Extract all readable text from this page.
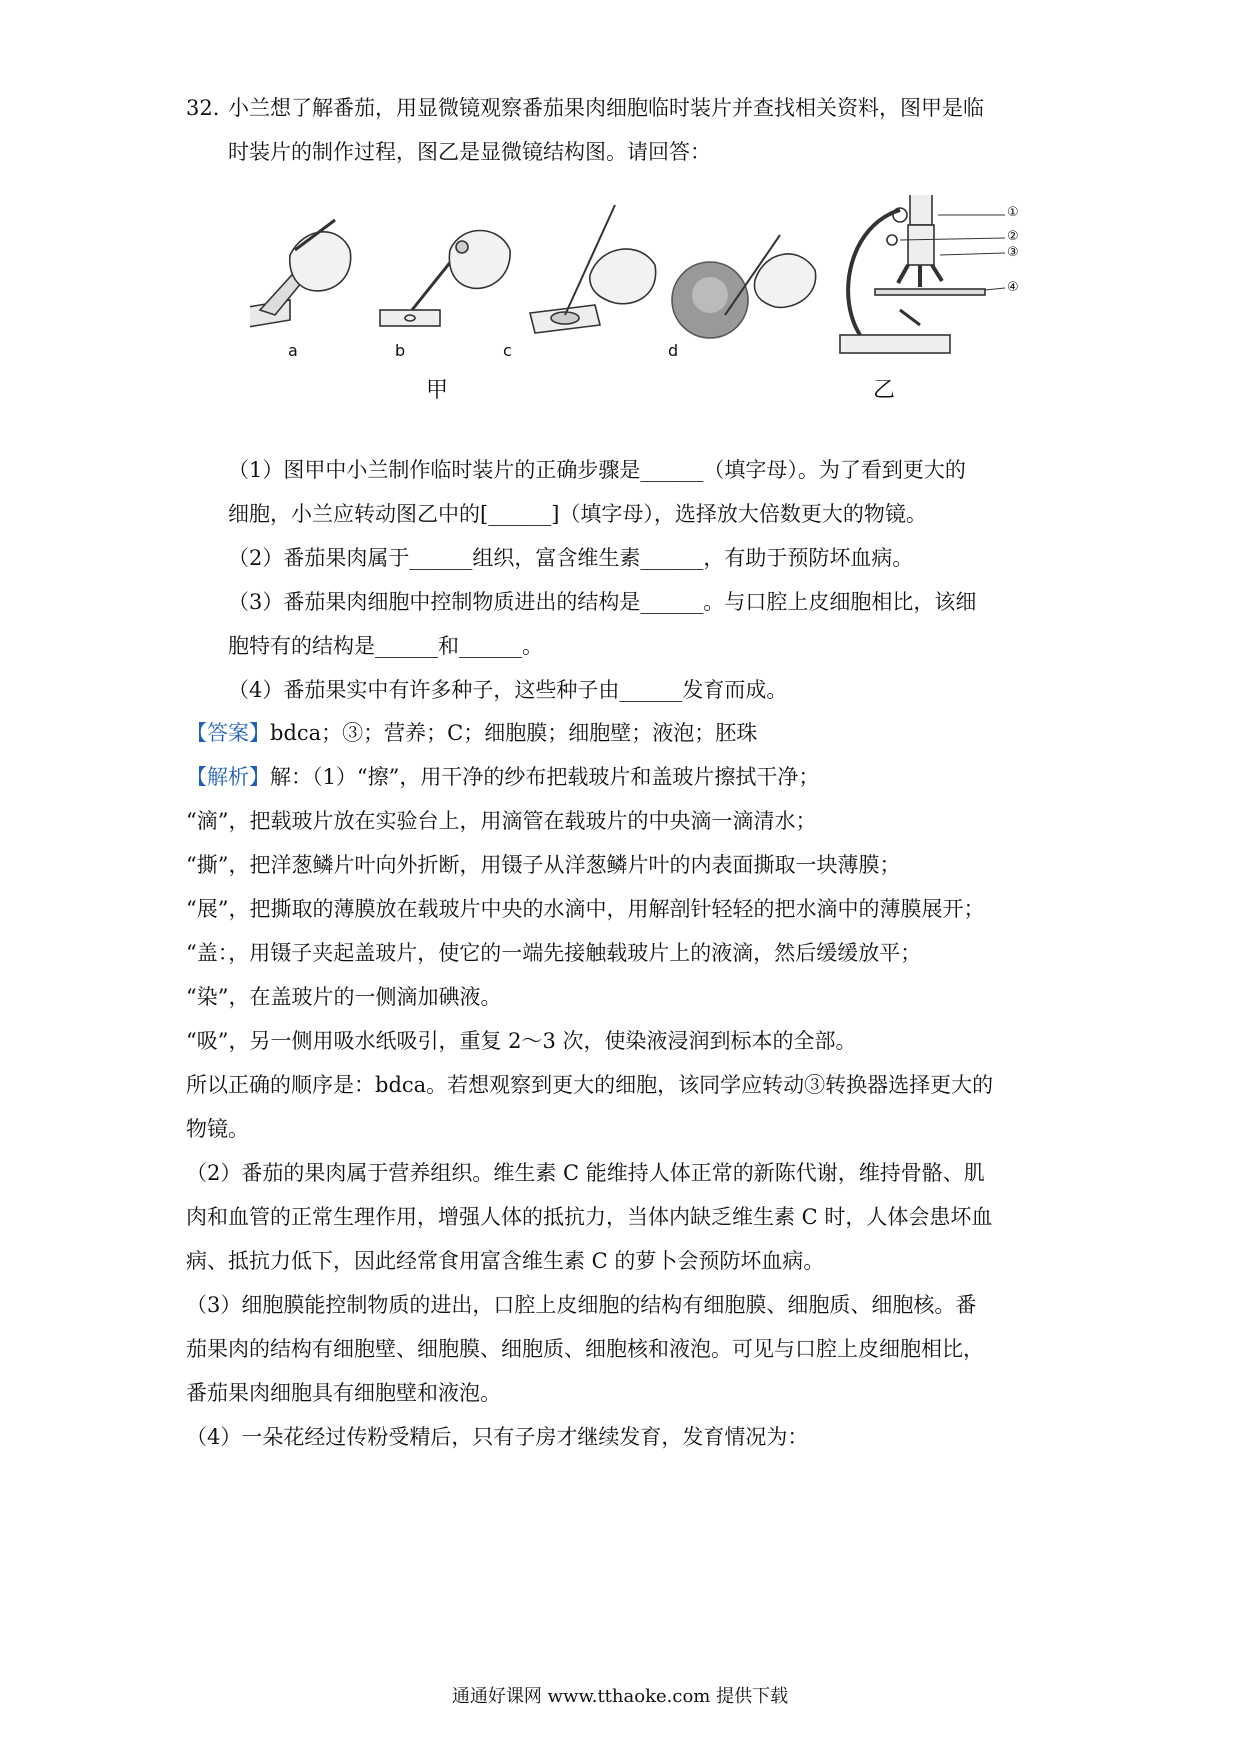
32. 小兰想了解番茄，用显微镜观察番茄果肉细胞临时装片并查找相关资料，图甲是临
时装片的制作过程，图乙是显微镜结构图。请回答：
a	b	c	d
甲	乙
①
②
③
④
（1）图甲中小兰制作临时装片的正确步骤是______（填字母）。为了看到更大的
细胞，小兰应转动图乙中的[______]（填字母），选择放大倍数更大的物镜。
（2）番茄果肉属于______组织，富含维生素______，有助于预防坏血病。
（3）番茄果肉细胞中控制物质进出的结构是______。与口腔上皮细胞相比，该细
胞特有的结构是______和______。
（4）番茄果实中有许多种子，这些种子由______发育而成。
【答案】bdca；③；营养；C；细胞膜；细胞壁；液泡；胚珠
【解析】解：（1）“擦”，用干净的纱布把载玻片和盖玻片擦拭干净；
“滴”，把载玻片放在实验台上，用滴管在载玻片的中央滴一滴清水；
“撕”，把洋葱鳞片叶向外折断，用镊子从洋葱鳞片叶的内表面撕取一块薄膜；
“展”，把撕取的薄膜放在载玻片中央的水滴中，用解剖针轻轻的把水滴中的薄膜展开；
“盖：，用镊子夹起盖玻片，使它的一端先接触载玻片上的液滴，然后缓缓放平；
“染”，在盖玻片的一侧滴加碘液。
“吸”，另一侧用吸水纸吸引，重复 2～3 次，使染液浸润到标本的全部。
所以正确的顺序是：bdca。若想观察到更大的细胞，该同学应转动③转换器选择更大的
物镜。
（2）番茄的果肉属于营养组织。维生素 C 能维持人体正常的新陈代谢，维持骨骼、肌
肉和血管的正常生理作用，增强人体的抵抗力，当体内缺乏维生素 C 时，人体会患坏血
病、抵抗力低下，因此经常食用富含维生素 C 的萝卜会预防坏血病。
（3）细胞膜能控制物质的进出，口腔上皮细胞的结构有细胞膜、细胞质、细胞核。番
茄果肉的结构有细胞壁、细胞膜、细胞质、细胞核和液泡。可见与口腔上皮细胞相比，
番茄果肉细胞具有细胞壁和液泡。
（4）一朵花经过传粉受精后，只有子房才继续发育，发育情况为：
通通好课网 www.tthaoke.com 提供下载
